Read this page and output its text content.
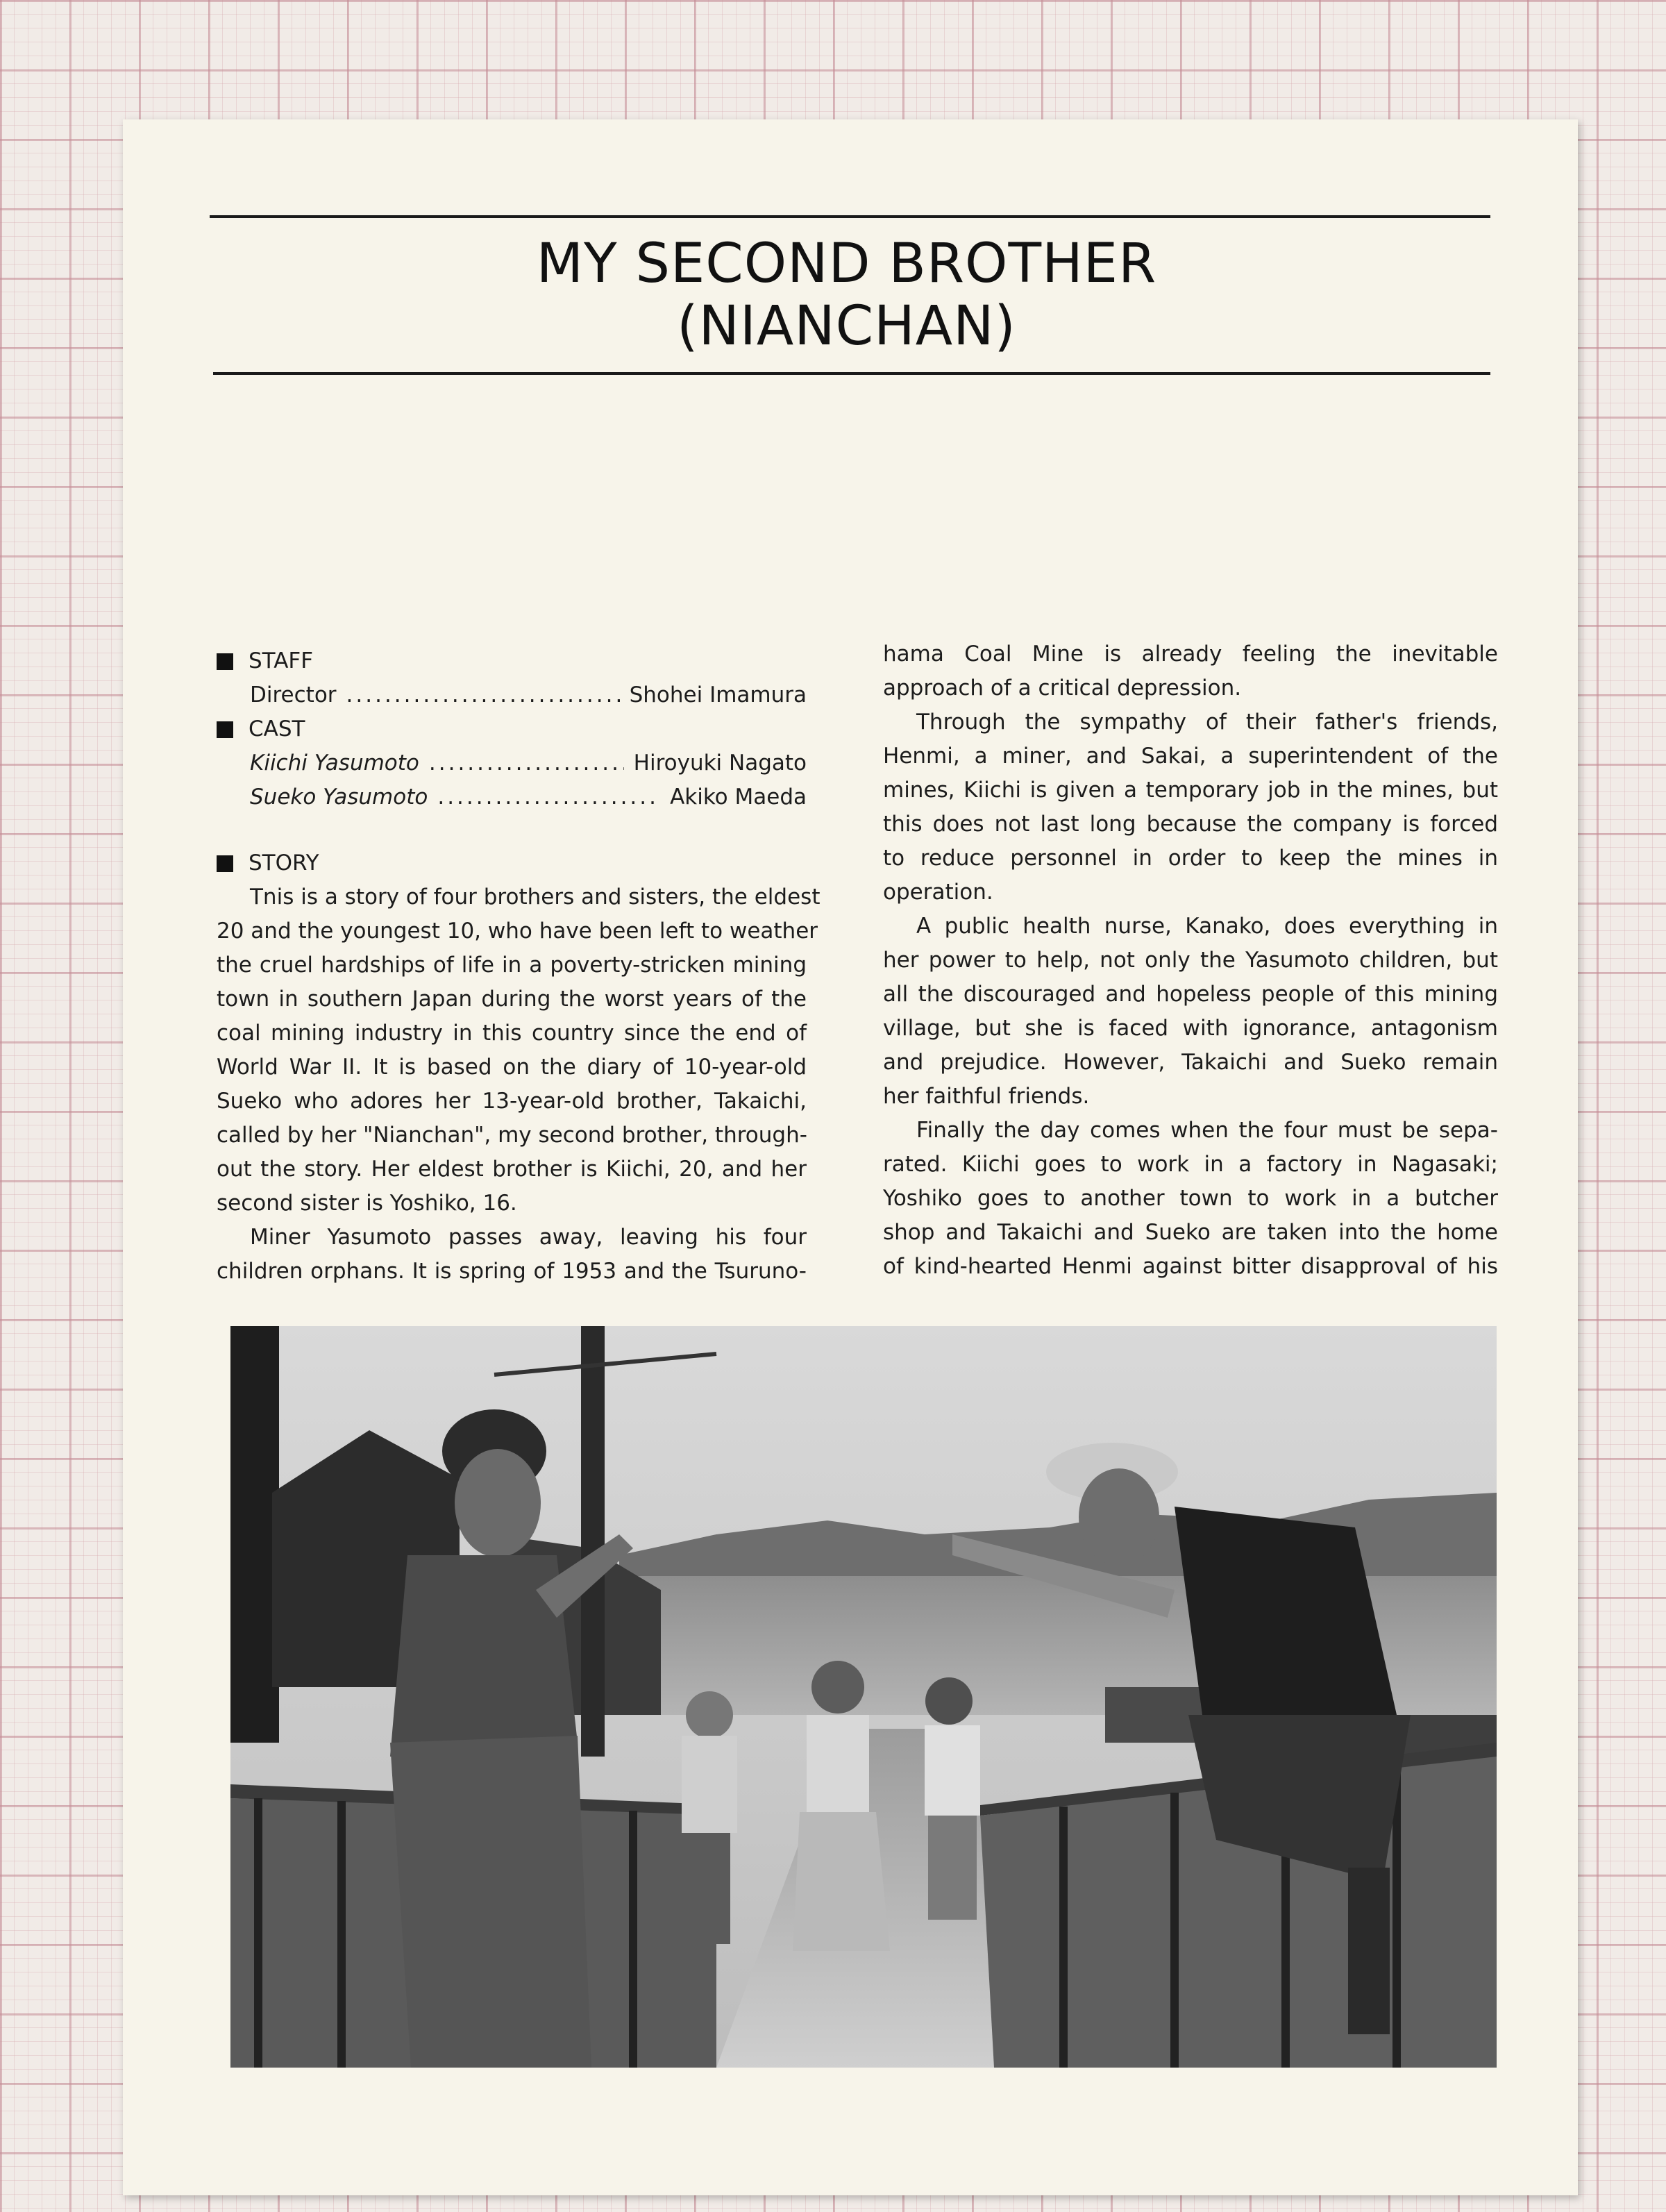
MY SECOND BROTHER
(NIANCHAN)
STAFF
Director .....	Shohei Imamura
CAST
Kiichi Yasumoto .....	Hiroyuki Nagato
Sueko Yasumoto .....	Akiko Maeda
STORY
Tnis is a story of four brothers and sisters, the eldest
20 and the youngest 10, who have been left to weather
the cruel hardships of life in a poverty-stricken mining
town in southern Japan during the worst years of the
coal mining industry in this country since the end of
World War II. It is based on the diary of 10-year-old
Sueko who adores her 13-year-old brother, Takaichi,
called by her "Nianchan", my second brother, through-
out the story. Her eldest brother is Kiichi, 20, and her
second sister is Yoshiko, 16.
Miner Yasumoto passes away, leaving his four
children orphans. It is spring of 1953 and the Tsuruno-
hama Coal Mine is already feeling the inevitable
approach of a critical depression.
Through the sympathy of their father's friends,
Henmi, a miner, and Sakai, a superintendent of the
mines, Kiichi is given a temporary job in the mines, but
this does not last long because the company is forced
to reduce personnel in order to keep the mines in
operation.
A public health nurse, Kanako, does everything in
her power to help, not only the Yasumoto children, but
all the discouraged and hopeless people of this mining
village, but she is faced with ignorance, antagonism
and prejudice. However, Takaichi and Sueko remain
her faithful friends.
Finally the day comes when the four must be sepa-
rated. Kiichi goes to work in a factory in Nagasaki;
Yoshiko goes to another town to work in a butcher
shop and Takaichi and Sueko are taken into the home
of kind-hearted Henmi against bitter disapproval of his
